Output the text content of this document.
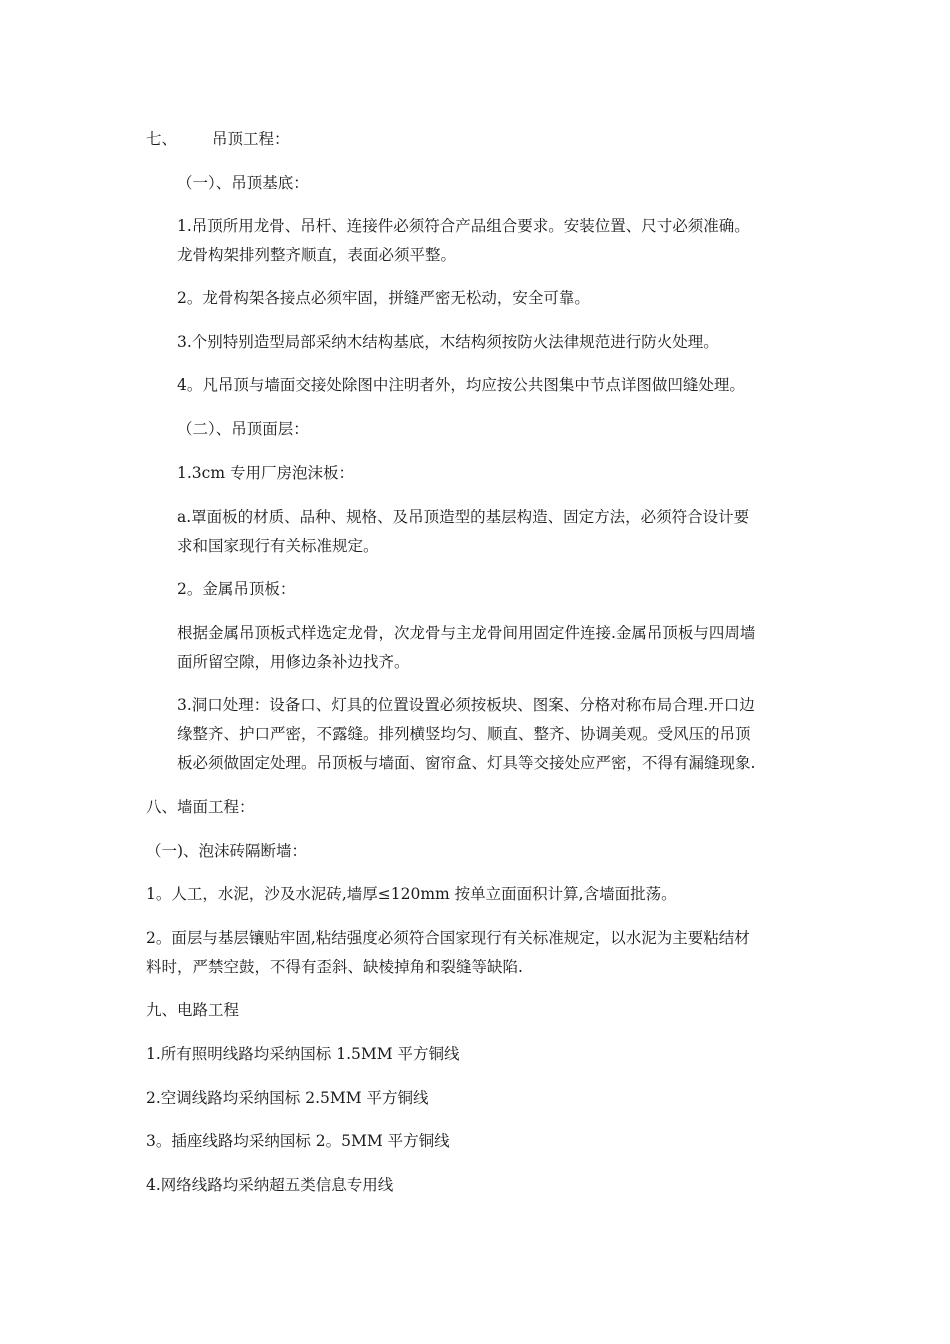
七、 吊顶工程：
（一）、吊顶基底：
1.吊顶所用龙骨、吊杆、连接件必须符合产品组合要求。安装位置、尺寸必须准确。
龙骨构架排列整齐顺直，表面必须平整。
2。龙骨构架各接点必须牢固，拼缝严密无松动，安全可靠。
3.个别特别造型局部采纳木结构基底，木结构须按防火法律规范进行防火处理。
4。凡吊顶与墙面交接处除图中注明者外，均应按公共图集中节点详图做凹缝处理。
（二）、吊顶面层：
1.3cm 专用厂房泡沫板：
a.罩面板的材质、品种、规格、及吊顶造型的基层构造、固定方法，必须符合设计要
求和国家现行有关标准规定。
2。金属吊顶板：
根据金属吊顶板式样选定龙骨，次龙骨与主龙骨间用固定件连接.金属吊顶板与四周墙
面所留空隙，用修边条补边找齐。
3.洞口处理：设备口、灯具的位置设置必须按板块、图案、分格对称布局合理.开口边
缘整齐、护口严密，不露缝。排列横竖均匀、顺直、整齐、协调美观。受风压的吊顶
板必须做固定处理。吊顶板与墙面、窗帘盒、灯具等交接处应严密，不得有漏缝现象.
八、墙面工程：
（一)、泡沫砖隔断墙：
1。人工，水泥，沙及水泥砖,墙厚≤120mm 按单立面面积计算,含墙面批荡。
2。面层与基层镶贴牢固,粘结强度必须符合国家现行有关标准规定，以水泥为主要粘结材
料时，严禁空鼓，不得有歪斜、缺棱掉角和裂缝等缺陷.
九、电路工程
1.所有照明线路均采纳国标 1.5MM 平方铜线
2.空调线路均采纳国标 2.5MM 平方铜线
3。插座线路均采纳国标 2。5MM 平方铜线
4.网络线路均采纳超五类信息专用线
